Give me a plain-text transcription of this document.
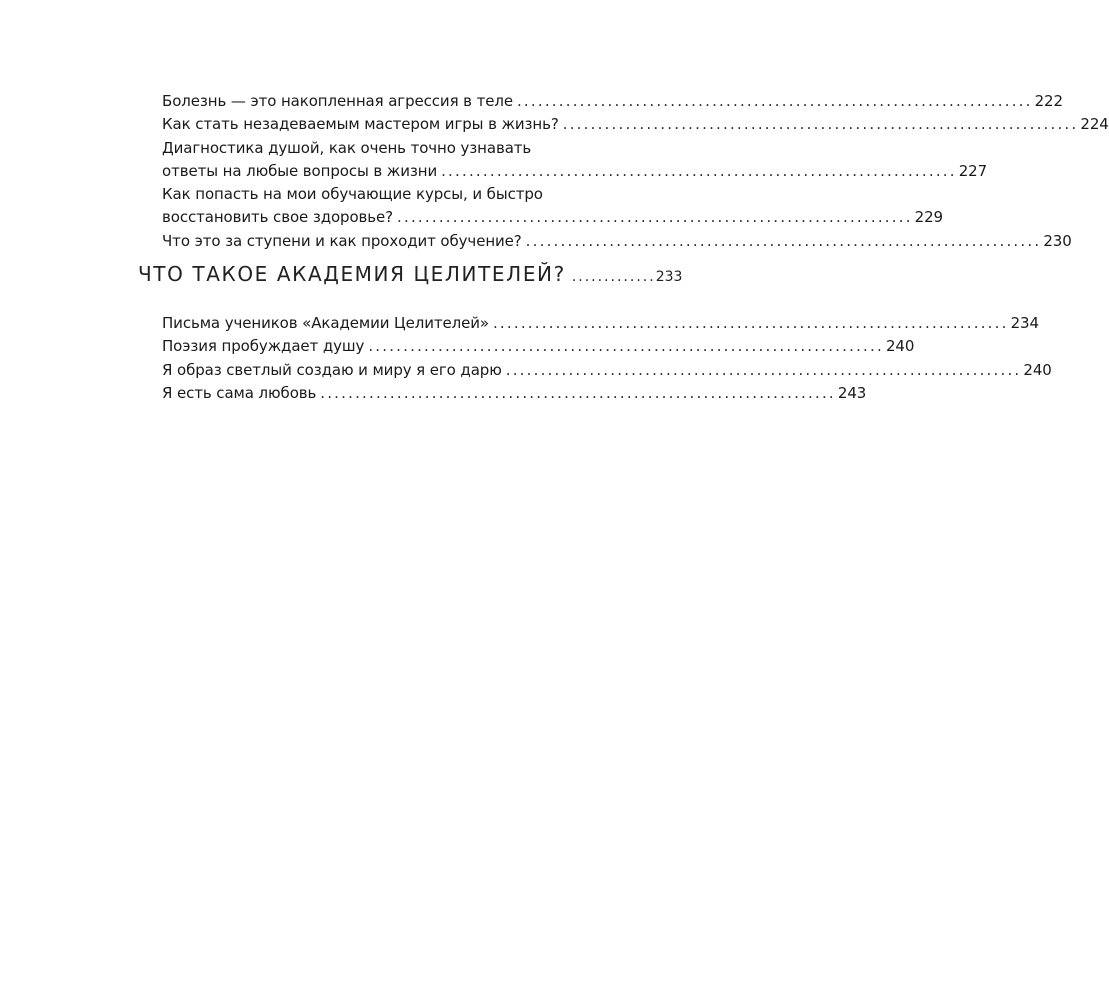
Болезнь — это накопленная агрессия в теле .......................................................................... 222
Как стать незадеваемым мастером игры в жизнь? .......................................................................... 224
Диагностика душой, как очень точно узнавать
ответы на любые вопросы в жизни .......................................................................... 227
Как попасть на мои обучающие курсы, и быстро
восстановить свое здоровье? .......................................................................... 229
Что это за ступени и как проходит обучение? .......................................................................... 230
ЧТО ТАКОЕ АКАДЕМИЯ ЦЕЛИТЕЛЕЙ? ............. 233
Письма учеников «Академии Целителей» .......................................................................... 234
Поэзия пробуждает душу .......................................................................... 240
Я образ светлый создаю и миру я его дарю .......................................................................... 240
Я есть сама любовь .......................................................................... 243
